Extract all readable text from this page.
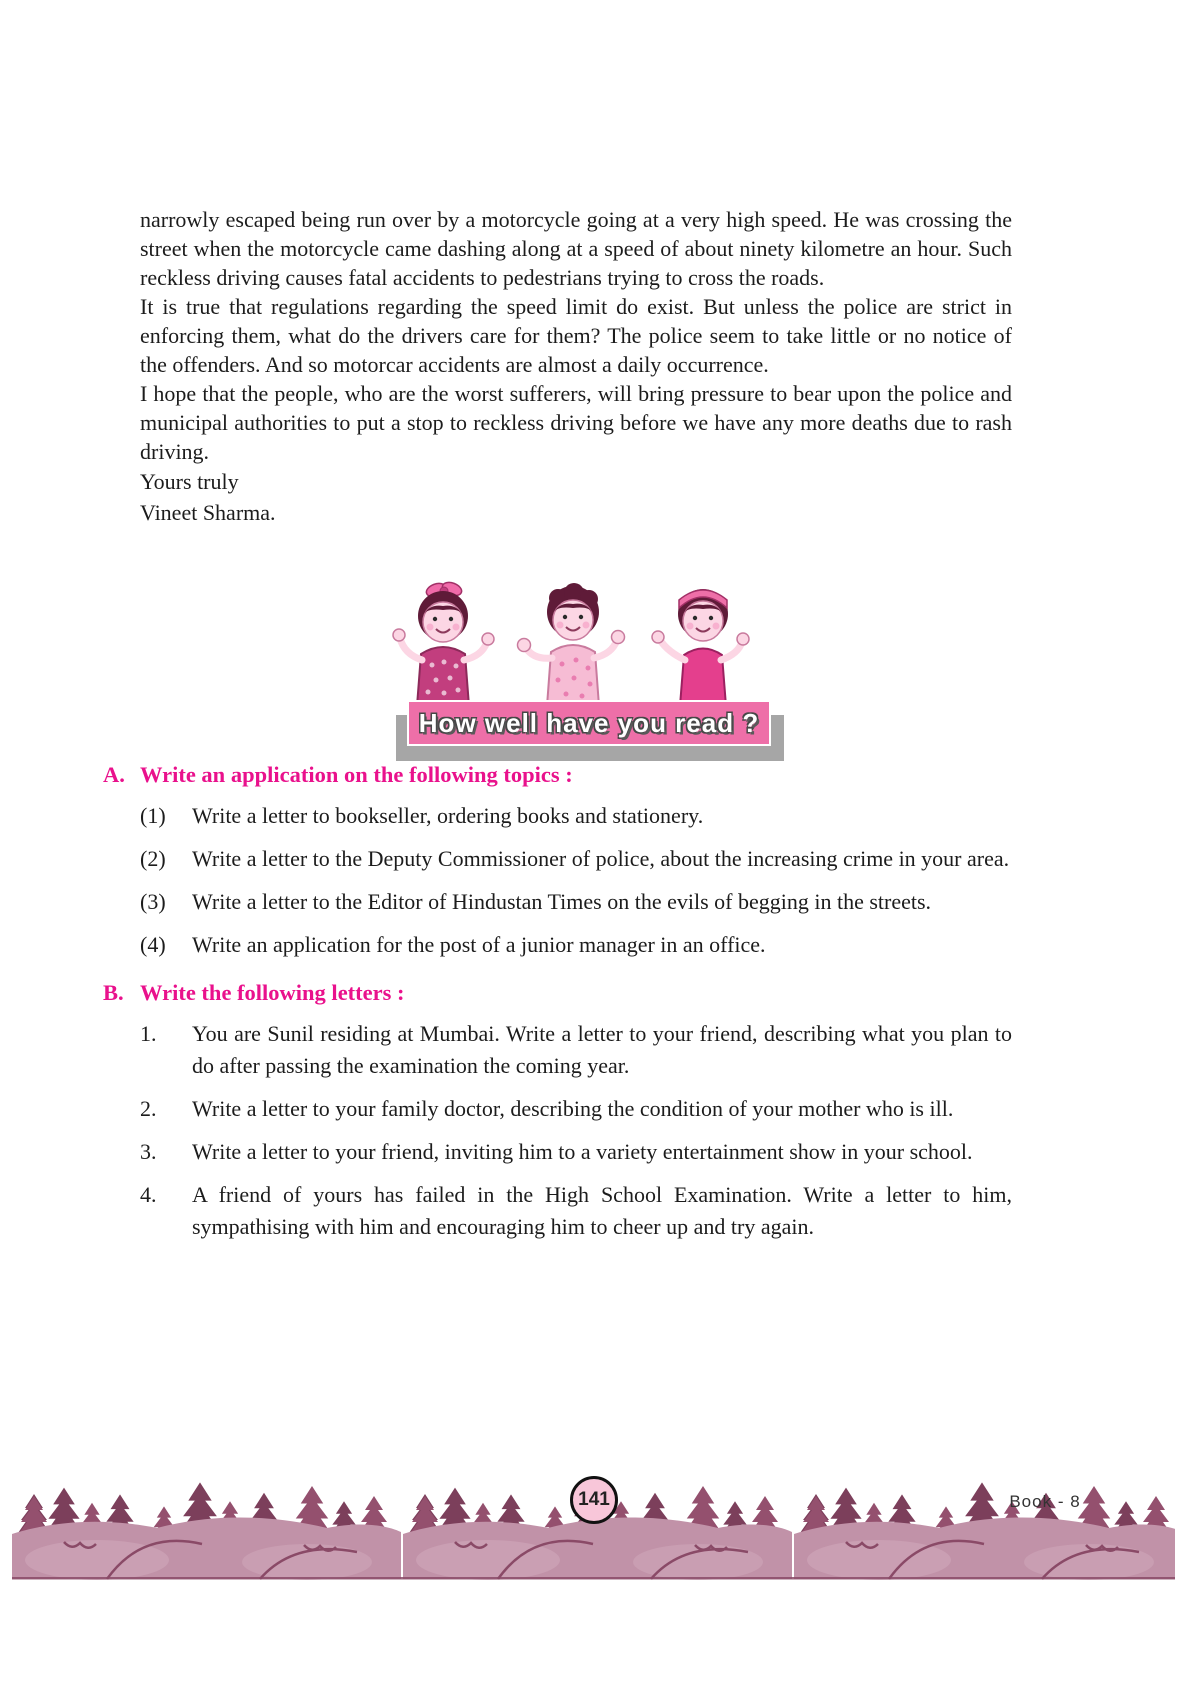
narrowly escaped being run over by a motorcycle going at a very high speed. He was crossing the street when the motorcycle came dashing along at a speed of about ninety kilometre an hour. Such reckless driving causes fatal accidents to pedestrians trying to cross the roads.

It is true that regulations regarding the speed limit do exist. But unless the police are strict in enforcing them, what do the drivers care for them? The police seem to take little or no notice of the offenders. And so motorcar accidents are almost a daily occurrence.

I hope that the people, who are the worst sufferers, will bring pressure to bear upon the police and municipal authorities to put a stop to reckless driving before we have any more deaths due to rash driving.

Yours truly

Vineet Sharma.

How well have you read ?
A. Write an application on the following topics :
(1)	Write a letter to bookseller, ordering books and stationery.
(2)	Write a letter to the Deputy Commissioner of police, about the increasing crime in your area.
(3)	Write a letter to the Editor of Hindustan Times on the evils of begging in the streets.
(4)	Write an application for the post of a junior manager in an office.
B. Write the following letters :
1.	You are Sunil residing at Mumbai. Write a letter to your friend, describing what you plan to do after passing the examination the coming year.
2.	Write a letter to your family doctor, describing the condition of your mother who is ill.
3.	Write a letter to your friend, inviting him to a variety entertainment show in your school.
4.	A friend of yours has failed in the High School Examination. Write a letter to him, sympathising with him and encouraging him to cheer up and try again.
141	Book - 8
